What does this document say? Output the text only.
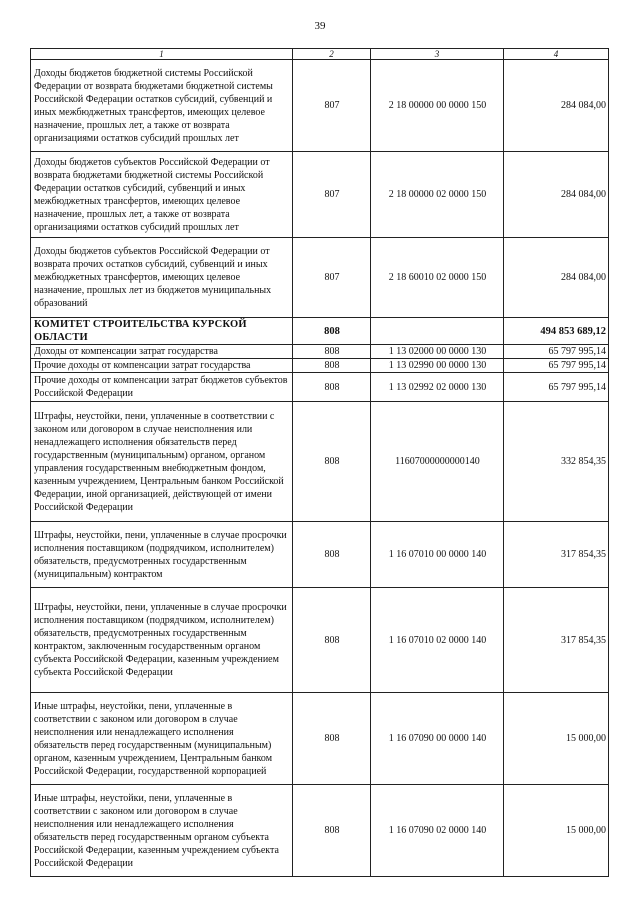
39
1	2	3	4
Доходы бюджетов бюджетной системы Российской Федерации от возврата бюджетами бюджетной системы Российской Федерации остатков субсидий, субвенций и иных межбюджетных трансфертов, имеющих целевое назначение, прошлых лет, а также от возврата организациями остатков субсидий прошлых лет	807	2 18 00000 00 0000 150	284 084,00
Доходы бюджетов субъектов Российской Федерации от возврата бюджетами бюджетной системы Российской Федерации остатков субсидий, субвенций и иных межбюджетных трансфертов, имеющих целевое назначение, прошлых лет, а также от возврата организациями остатков субсидий прошлых лет	807	2 18 00000 02 0000 150	284 084,00
Доходы бюджетов субъектов Российской Федерации от возврата прочих остатков субсидий, субвенций и иных межбюджетных трансфертов, имеющих целевое назначение, прошлых лет из бюджетов муниципальных образований	807	2 18 60010 02 0000 150	284 084,00
КОМИТЕТ СТРОИТЕЛЬСТВА КУРСКОЙ ОБЛАСТИ	808		494 853 689,12
Доходы от компенсации затрат государства	808	1 13 02000 00 0000 130	65 797 995,14
Прочие доходы от компенсации затрат государства	808	1 13 02990 00 0000 130	65 797 995,14
Прочие доходы от компенсации затрат бюджетов субъектов Российской Федерации	808	1 13 02992 02 0000 130	65 797 995,14
Штрафы, неустойки, пени, уплаченные в соответствии с законом или договором в случае неисполнения или ненадлежащего исполнения обязательств перед государственным (муниципальным) органом, органом управления государственным внебюджетным фондом, казенным учреждением, Центральным банком Российской Федерации, иной организацией, действующей от имени Российской Федерации	808	11607000000000140	332 854,35
Штрафы, неустойки, пени, уплаченные в случае просрочки исполнения поставщиком (подрядчиком, исполнителем) обязательств, предусмотренных государственным (муниципальным) контрактом	808	1 16 07010 00 0000 140	317 854,35
Штрафы, неустойки, пени, уплаченные в случае просрочки исполнения поставщиком (подрядчиком, исполнителем) обязательств, предусмотренных государственным контрактом, заключенным государственным органом субъекта Российской Федерации, казенным учреждением субъекта Российской Федерации	808	1 16 07010 02 0000 140	317 854,35
Иные штрафы, неустойки, пени, уплаченные в соответствии с законом или договором в случае неисполнения или ненадлежащего исполнения обязательств перед государственным (муниципальным) органом, казенным учреждением, Центральным банком Российской Федерации, государственной корпорацией	808	1 16 07090 00 0000 140	15 000,00
Иные штрафы, неустойки, пени, уплаченные в соответствии с законом или договором в случае неисполнения или ненадлежащего исполнения обязательств перед государственным органом субъекта Российской Федерации, казенным учреждением субъекта Российской Федерации	808	1 16 07090 02 0000 140	15 000,00
